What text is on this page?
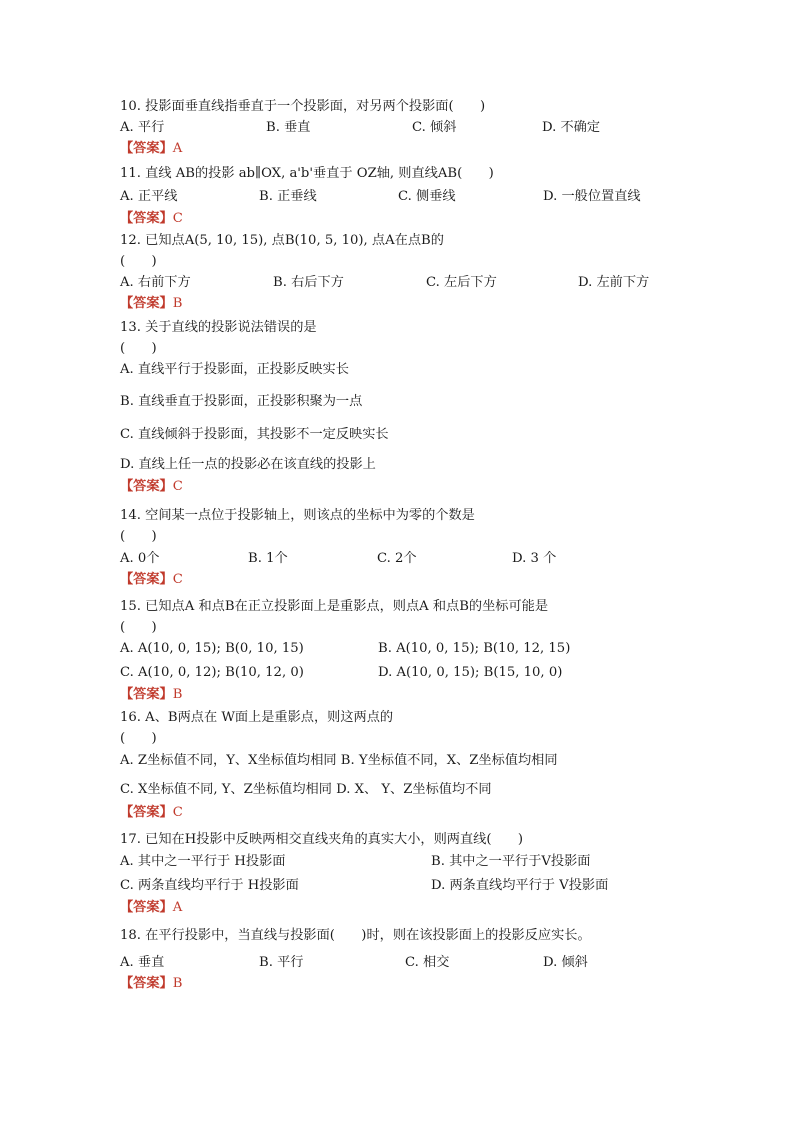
10. 投影面垂直线指垂直于一个投影面，对另两个投影面(　　)
A. 平行	B. 垂直	C. 倾斜	D. 不确定
【答案】A
11. 直线 AB的投影 ab∥OX, a'b'垂直于 OZ轴, 则直线AB(　　)
A. 正平线	B. 正垂线	C. 侧垂线	D. 一般位置直线
【答案】C
12. 已知点A(5, 10, 15), 点B(10, 5, 10), 点A在点B的
(　　)
A. 右前下方	B. 右后下方	C. 左后下方	D. 左前下方
【答案】B
13. 关于直线的投影说法错误的是
(　　)
A. 直线平行于投影面，正投影反映实长
B. 直线垂直于投影面，正投影积聚为一点
C. 直线倾斜于投影面，其投影不一定反映实长
D. 直线上任一点的投影必在该直线的投影上
【答案】C
14. 空间某一点位于投影轴上，则该点的坐标中为零的个数是
(　　)
A. 0个	B. 1个	C. 2个	D. 3 个
【答案】C
15. 已知点A 和点B在正立投影面上是重影点，则点A 和点B的坐标可能是
(　　)
A. A(10, 0, 15); B(0, 10, 15)	B. A(10, 0, 15); B(10, 12, 15)
C. A(10, 0, 12); B(10, 12, 0)	D. A(10, 0, 15); B(15, 10, 0)
【答案】B
16. A、B两点在 W面上是重影点，则这两点的
(　　)
A. Z坐标值不同，Y、X坐标值均相同 B. Y坐标值不同，X、Z坐标值均相同
C. X坐标值不同, Y、Z坐标值均相同 D. X、 Y、Z坐标值均不同
【答案】C
17. 已知在H投影中反映两相交直线夹角的真实大小，则两直线(　　)
A. 其中之一平行于 H投影面	B. 其中之一平行于V投影面
C. 两条直线均平行于 H投影面	D. 两条直线均平行于 V投影面
【答案】A
18. 在平行投影中，当直线与投影面(　　)时，则在该投影面上的投影反应实长。
A. 垂直	B. 平行	C. 相交	D. 倾斜
【答案】B
